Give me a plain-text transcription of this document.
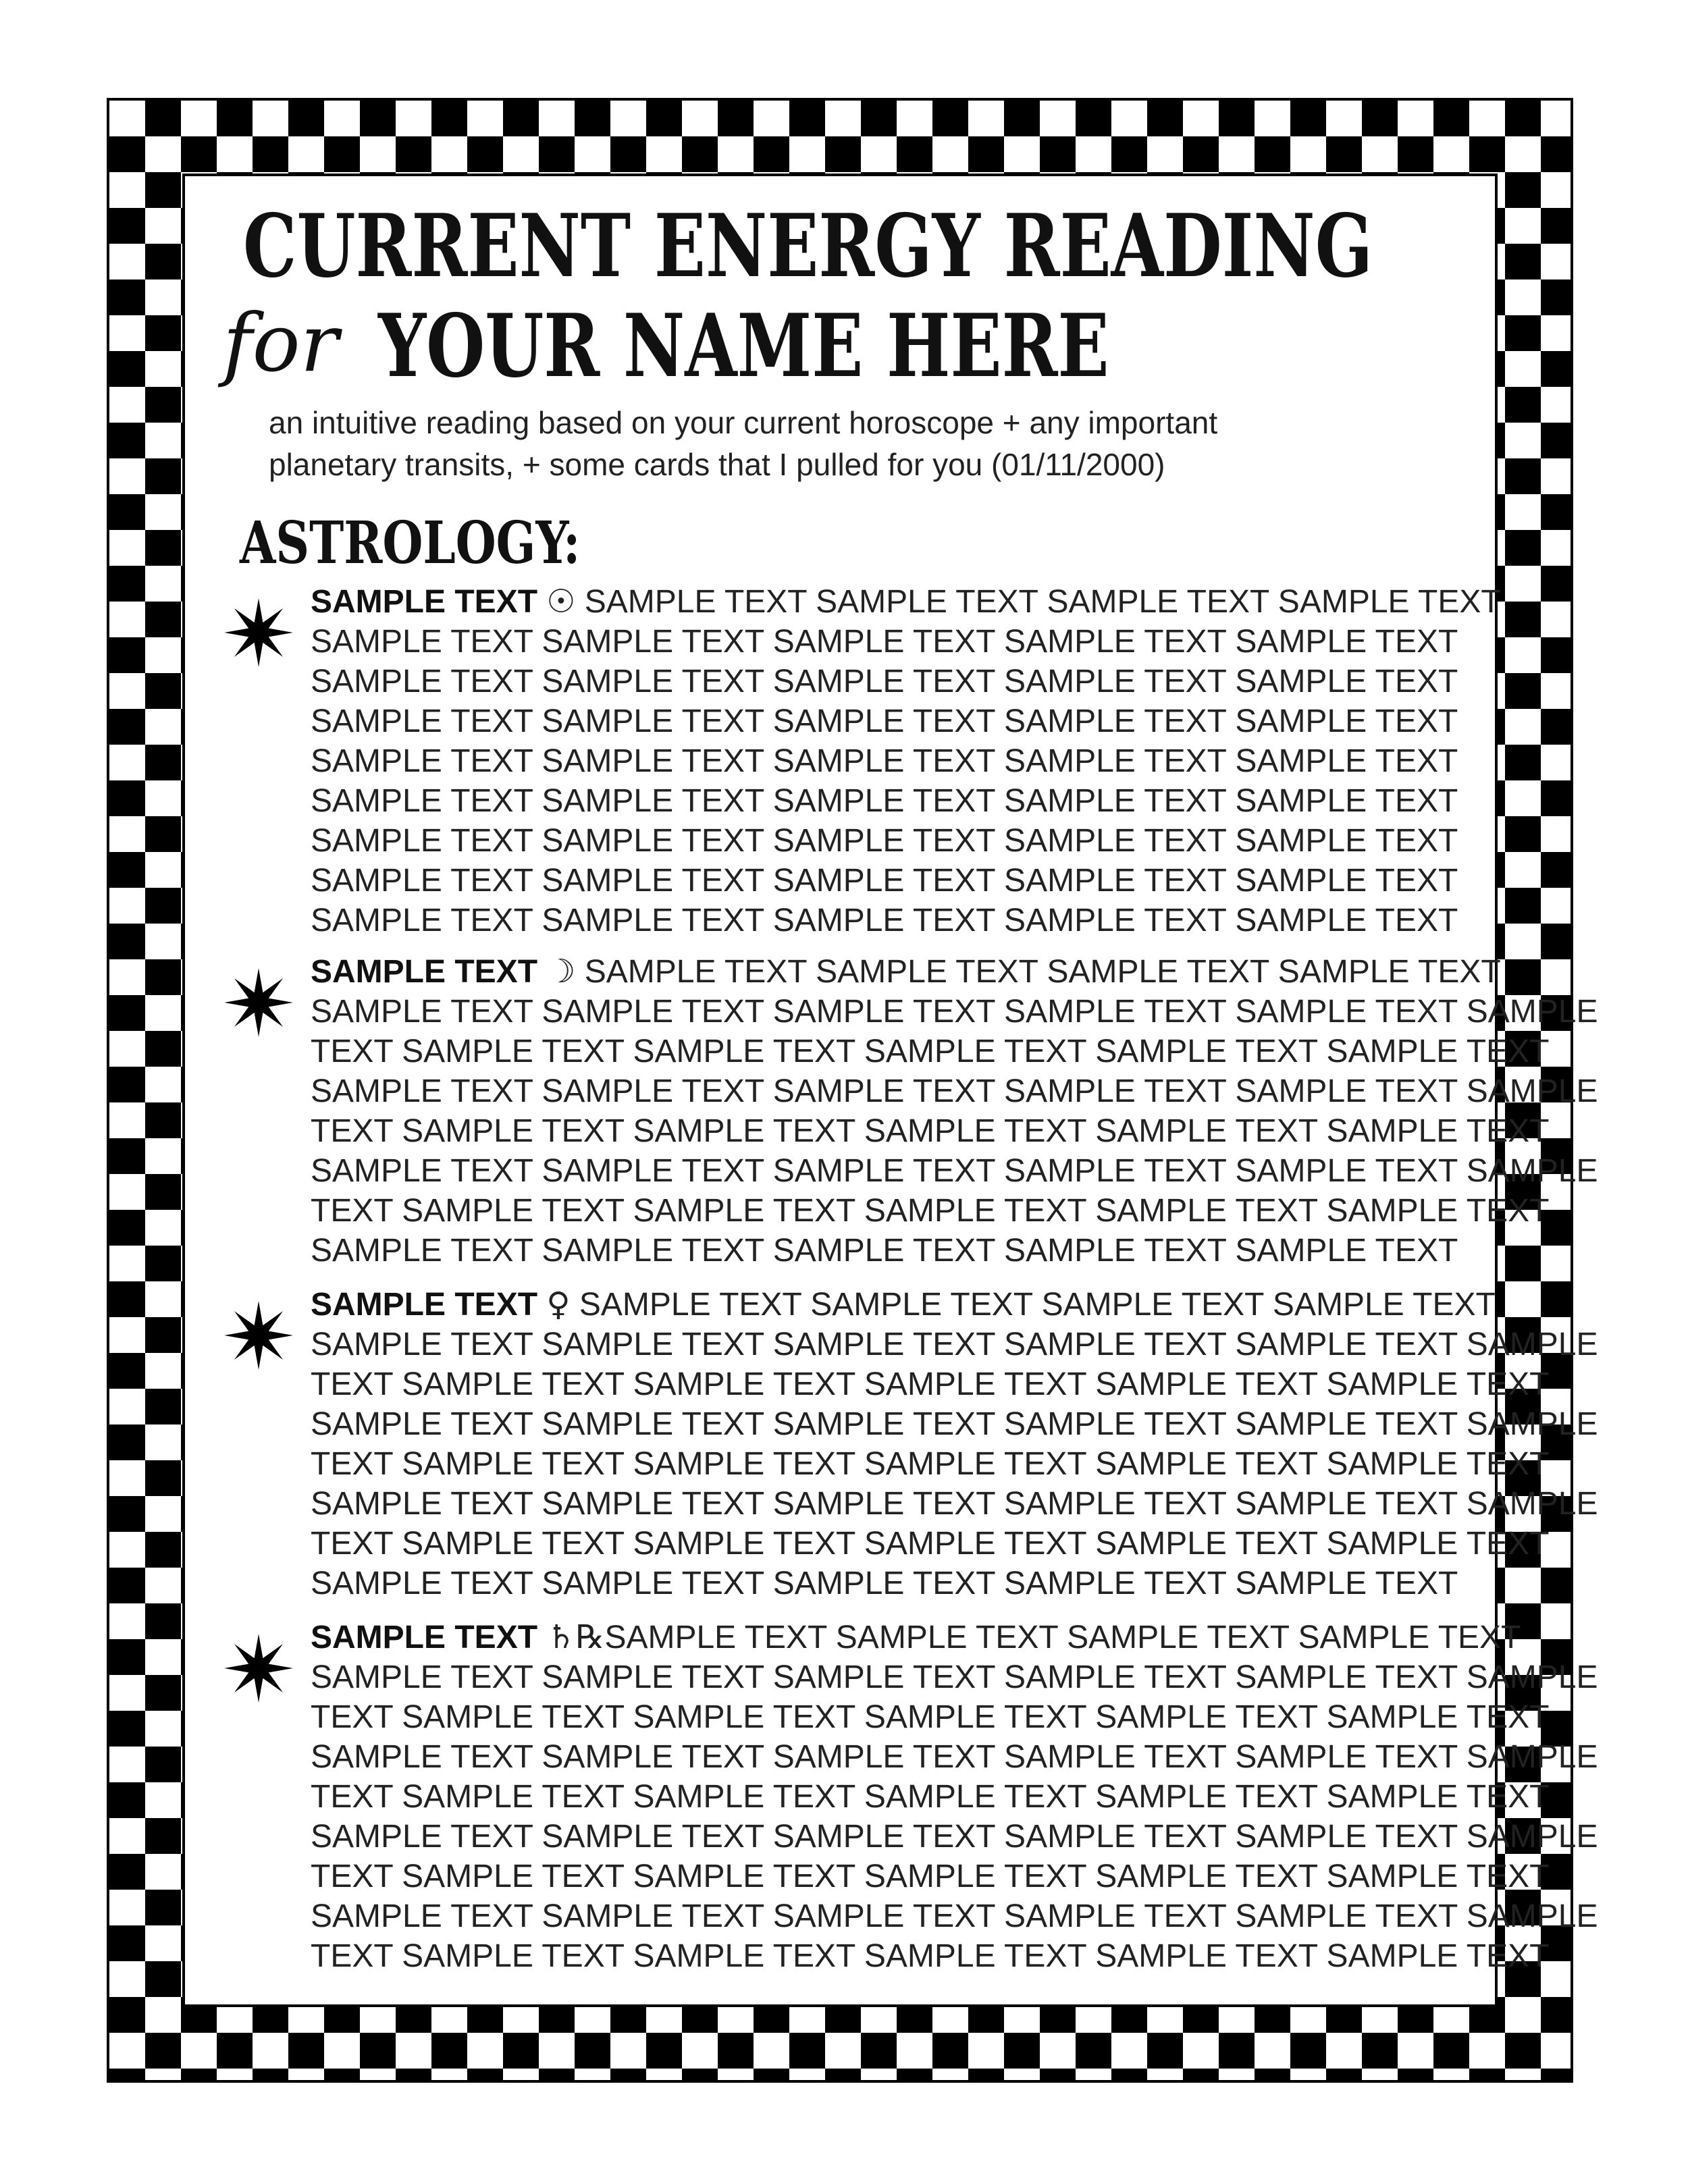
CURRENT ENERGY READING
for YOUR NAME HERE
an intuitive reading based on your current horoscope + any important
planetary transits, + some cards that I pulled for you (01/11/2000)
ASTROLOGY:
SAMPLE TEXT ☉ SAMPLE TEXT SAMPLE TEXT SAMPLE TEXT SAMPLE TEXT
SAMPLE TEXT SAMPLE TEXT SAMPLE TEXT SAMPLE TEXT SAMPLE TEXT
SAMPLE TEXT SAMPLE TEXT SAMPLE TEXT SAMPLE TEXT SAMPLE TEXT
SAMPLE TEXT SAMPLE TEXT SAMPLE TEXT SAMPLE TEXT SAMPLE TEXT
SAMPLE TEXT SAMPLE TEXT SAMPLE TEXT SAMPLE TEXT SAMPLE TEXT
SAMPLE TEXT SAMPLE TEXT SAMPLE TEXT SAMPLE TEXT SAMPLE TEXT
SAMPLE TEXT SAMPLE TEXT SAMPLE TEXT SAMPLE TEXT SAMPLE TEXT
SAMPLE TEXT SAMPLE TEXT SAMPLE TEXT SAMPLE TEXT SAMPLE TEXT
SAMPLE TEXT SAMPLE TEXT SAMPLE TEXT SAMPLE TEXT SAMPLE TEXT
SAMPLE TEXT ☽ SAMPLE TEXT SAMPLE TEXT SAMPLE TEXT SAMPLE TEXT
SAMPLE TEXT SAMPLE TEXT SAMPLE TEXT SAMPLE TEXT SAMPLE TEXT SAMPLE
TEXT SAMPLE TEXT SAMPLE TEXT SAMPLE TEXT SAMPLE TEXT SAMPLE TEXT
SAMPLE TEXT SAMPLE TEXT SAMPLE TEXT SAMPLE TEXT SAMPLE TEXT SAMPLE
TEXT SAMPLE TEXT SAMPLE TEXT SAMPLE TEXT SAMPLE TEXT SAMPLE TEXT
SAMPLE TEXT SAMPLE TEXT SAMPLE TEXT SAMPLE TEXT SAMPLE TEXT SAMPLE
TEXT SAMPLE TEXT SAMPLE TEXT SAMPLE TEXT SAMPLE TEXT SAMPLE TEXT
SAMPLE TEXT SAMPLE TEXT SAMPLE TEXT SAMPLE TEXT SAMPLE TEXT
SAMPLE TEXT ♀ SAMPLE TEXT SAMPLE TEXT SAMPLE TEXT SAMPLE TEXT
SAMPLE TEXT SAMPLE TEXT SAMPLE TEXT SAMPLE TEXT SAMPLE TEXT SAMPLE
TEXT SAMPLE TEXT SAMPLE TEXT SAMPLE TEXT SAMPLE TEXT SAMPLE TEXT
SAMPLE TEXT SAMPLE TEXT SAMPLE TEXT SAMPLE TEXT SAMPLE TEXT SAMPLE
TEXT SAMPLE TEXT SAMPLE TEXT SAMPLE TEXT SAMPLE TEXT SAMPLE TEXT
SAMPLE TEXT SAMPLE TEXT SAMPLE TEXT SAMPLE TEXT SAMPLE TEXT SAMPLE
TEXT SAMPLE TEXT SAMPLE TEXT SAMPLE TEXT SAMPLE TEXT SAMPLE TEXT
SAMPLE TEXT SAMPLE TEXT SAMPLE TEXT SAMPLE TEXT SAMPLE TEXT
SAMPLE TEXT ♄℞SAMPLE TEXT SAMPLE TEXT SAMPLE TEXT SAMPLE TEXT
SAMPLE TEXT SAMPLE TEXT SAMPLE TEXT SAMPLE TEXT SAMPLE TEXT SAMPLE
TEXT SAMPLE TEXT SAMPLE TEXT SAMPLE TEXT SAMPLE TEXT SAMPLE TEXT
SAMPLE TEXT SAMPLE TEXT SAMPLE TEXT SAMPLE TEXT SAMPLE TEXT SAMPLE
TEXT SAMPLE TEXT SAMPLE TEXT SAMPLE TEXT SAMPLE TEXT SAMPLE TEXT
SAMPLE TEXT SAMPLE TEXT SAMPLE TEXT SAMPLE TEXT SAMPLE TEXT SAMPLE
TEXT SAMPLE TEXT SAMPLE TEXT SAMPLE TEXT SAMPLE TEXT SAMPLE TEXT
SAMPLE TEXT SAMPLE TEXT SAMPLE TEXT SAMPLE TEXT SAMPLE TEXT SAMPLE
TEXT SAMPLE TEXT SAMPLE TEXT SAMPLE TEXT SAMPLE TEXT SAMPLE TEXT
